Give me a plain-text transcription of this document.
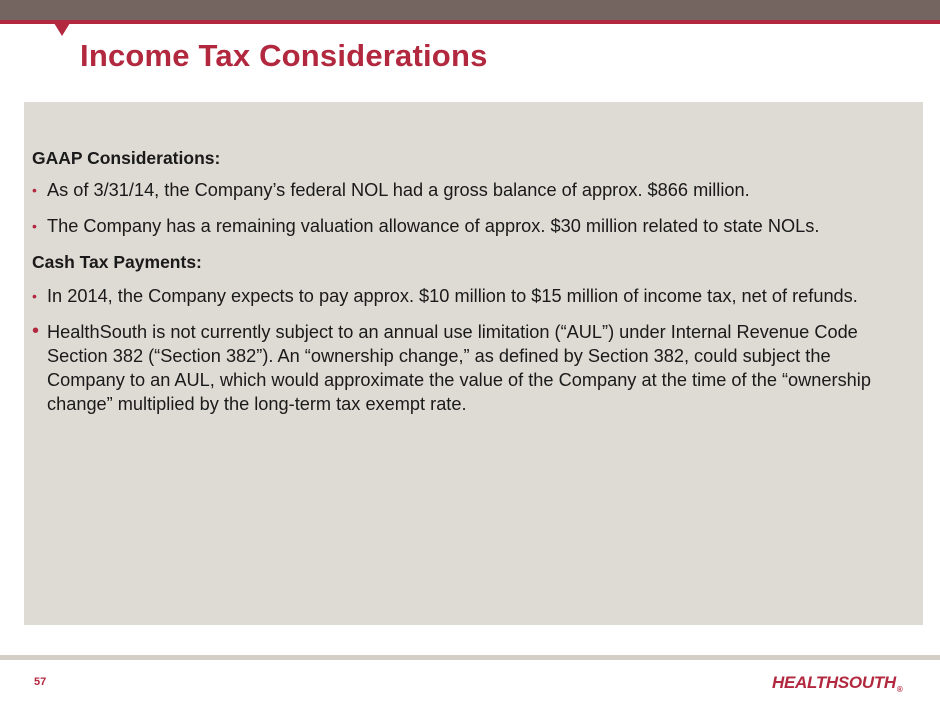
Income Tax Considerations

GAAP Considerations:

• As of 3/31/14, the Company’s federal NOL had a gross balance of approx. $866 million.

• The Company has a remaining valuation allowance of approx. $30 million related to state NOLs.

Cash Tax Payments:

• In 2014, the Company expects to pay approx. $10 million to $15 million of income tax, net of refunds.

• HealthSouth is not currently subject to an annual use limitation (“AUL”) under Internal Revenue Code Section 382 (“Section 382”). An “ownership change,” as defined by Section 382, could subject the Company to an AUL, which would approximate the value of the Company at the time of the “ownership change” multiplied by the long-term tax exempt rate.

57	$HEALTHSOUTH_®$
